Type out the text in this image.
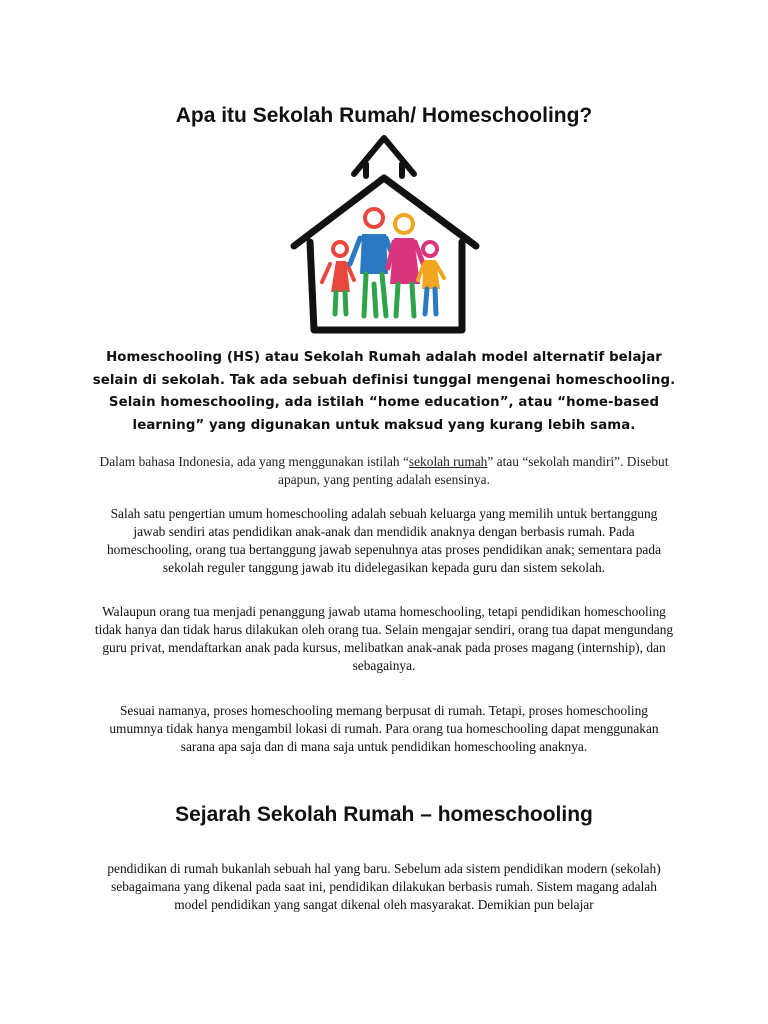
Apa itu Sekolah Rumah/ Homeschooling?
Homeschooling (HS) atau Sekolah Rumah adalah model alternatif belajar selain di sekolah. Tak ada sebuah definisi tunggal mengenai homeschooling. Selain homeschooling, ada istilah “home education”, atau “home-based learning” yang digunakan untuk maksud yang kurang lebih sama.

Dalam bahasa Indonesia, ada yang menggunakan istilah “sekolah rumah” atau “sekolah mandiri”. Disebut apapun, yang penting adalah esensinya.

Salah satu pengertian umum homeschooling adalah sebuah keluarga yang memilih untuk bertanggung jawab sendiri atas pendidikan anak-anak dan mendidik anaknya dengan berbasis rumah. Pada homeschooling, orang tua bertanggung jawab sepenuhnya atas proses pendidikan anak; sementara pada sekolah reguler tanggung jawab itu didelegasikan kepada guru dan sistem sekolah.

Walaupun orang tua menjadi penanggung jawab utama homeschooling, tetapi pendidikan homeschooling tidak hanya dan tidak harus dilakukan oleh orang tua. Selain mengajar sendiri, orang tua dapat mengundang guru privat, mendaftarkan anak pada kursus, melibatkan anak-anak pada proses magang (internship), dan sebagainya.

Sesuai namanya, proses homeschooling memang berpusat di rumah. Tetapi, proses homeschooling umumnya tidak hanya mengambil lokasi di rumah. Para orang tua homeschooling dapat menggunakan sarana apa saja dan di mana saja untuk pendidikan homeschooling anaknya.

Sejarah Sekolah Rumah – homeschooling

pendidikan di rumah bukanlah sebuah hal yang baru. Sebelum ada sistem pendidikan modern (sekolah) sebagaimana yang dikenal pada saat ini, pendidikan dilakukan berbasis rumah. Sistem magang adalah model pendidikan yang sangat dikenal oleh masyarakat. Demikian pun belajar
